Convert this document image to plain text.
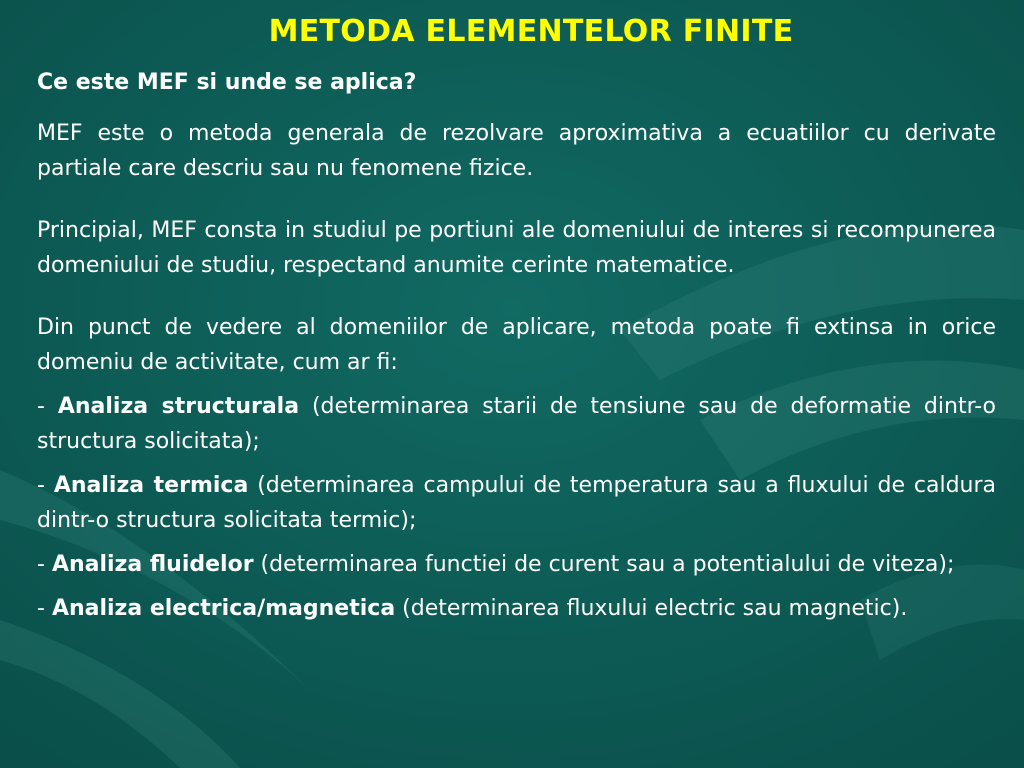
METODA ELEMENTELOR FINITE
Ce este MEF si unde se aplica?

MEF este o metoda generala de rezolvare aproximativa a ecuatiilor cu derivate partiale care descriu sau nu fenomene fizice.

Principial, MEF consta in studiul pe portiuni ale domeniului de interes si recompunerea domeniului de studiu, respectand anumite cerinte matematice.

Din punct de vedere al domeniilor de aplicare, metoda poate fi extinsa in orice domeniu de activitate, cum ar fi:

- Analiza structurala (determinarea starii de tensiune sau de deformatie dintr-o structura solicitata);

- Analiza termica (determinarea campului de temperatura sau a fluxului de caldura dintr-o structura solicitata termic);

- Analiza fluidelor (determinarea functiei de curent sau a potentialului de viteza);

- Analiza electrica/magnetica (determinarea fluxului electric sau magnetic).
